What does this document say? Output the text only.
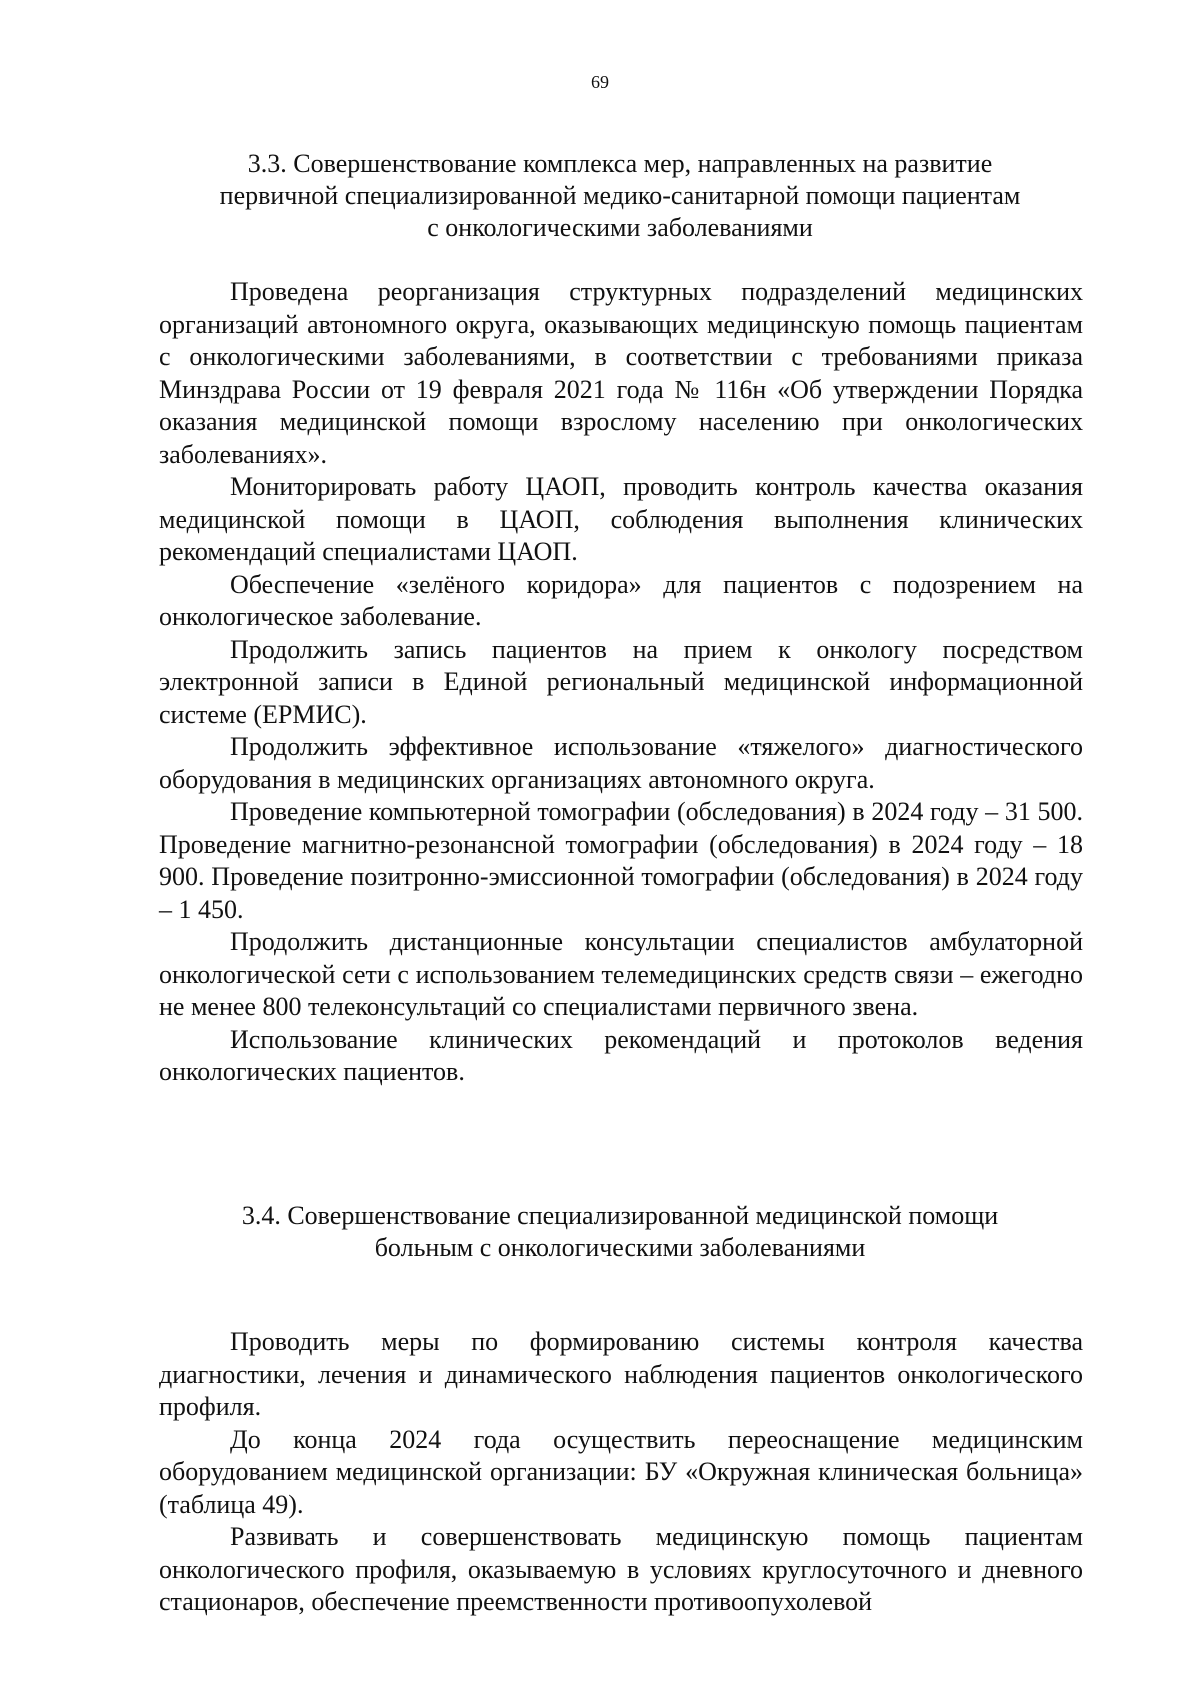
69
3.3. Совершенствование комплекса мер, направленных на развитие
первичной специализированной медико-санитарной помощи пациентам
с онкологическими заболеваниями

Проведена реорганизация структурных подразделений медицинских организаций автономного округа, оказывающих медицинскую помощь пациентам с онкологическими заболеваниями, в соответствии с требованиями приказа Минздрава России от 19 февраля 2021 года № 116н «Об утверждении Порядка оказания медицинской помощи взрослому населению при онкологических заболеваниях».

Мониторировать работу ЦАОП, проводить контроль качества оказания медицинской помощи в ЦАОП, соблюдения выполнения клинических рекомендаций специалистами ЦАОП.

Обеспечение «зелёного коридора» для пациентов с подозрением на онкологическое заболевание.

Продолжить запись пациентов на прием к онкологу посредством электронной записи в Единой региональный медицинской информационной системе (ЕРМИС).

Продолжить эффективное использование «тяжелого» диагностического оборудования в медицинских организациях автономного округа.

Проведение компьютерной томографии (обследования) в 2024 году – 31 500. Проведение магнитно-резонансной томографии (обследования) в 2024 году – 18 900. Проведение позитронно-эмиссионной томографии (обследования) в 2024 году – 1 450.

Продолжить дистанционные консультации специалистов амбулаторной онкологической сети с использованием телемедицинских средств связи – ежегодно не менее 800 телеконсультаций со специалистами первичного звена.

Использование клинических рекомендаций и протоколов ведения онкологических пациентов.

3.4. Совершенствование специализированной медицинской помощи
больным с онкологическими заболеваниями

Проводить меры по формированию системы контроля качества диагностики, лечения и динамического наблюдения пациентов онкологического профиля.

До конца 2024 года осуществить переоснащение медицинским оборудованием медицинской организации: БУ «Окружная клиническая больница» (таблица 49).

Развивать и совершенствовать медицинскую помощь пациентам онкологического профиля, оказываемую в условиях круглосуточного и дневного стационаров, обеспечение преемственности противоопухолевой
